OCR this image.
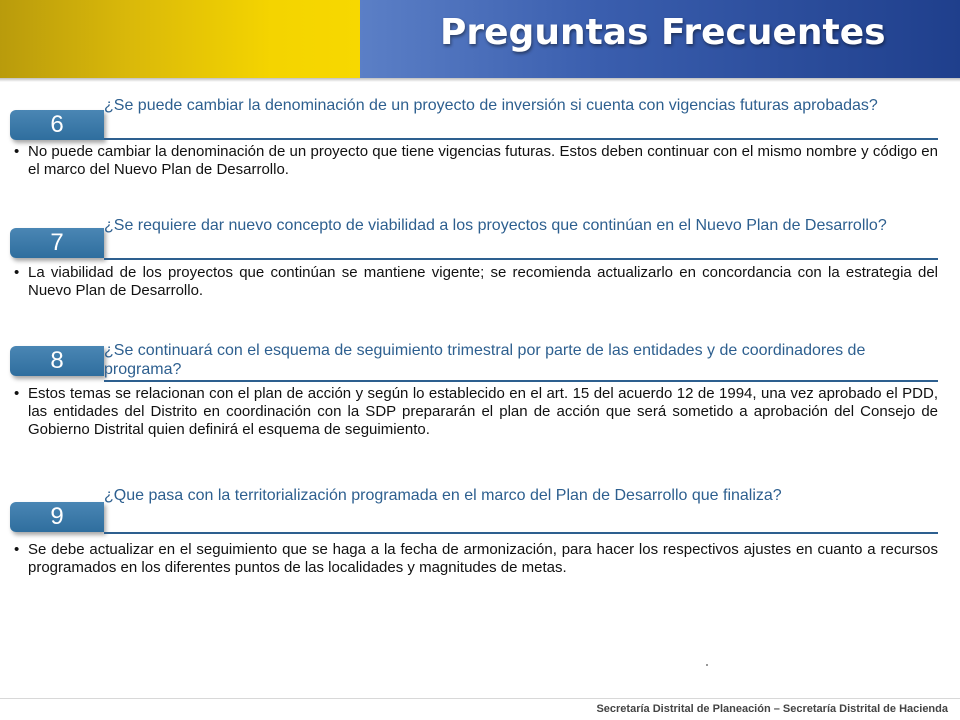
Preguntas Frecuentes
6
¿Se puede cambiar la denominación de un proyecto de inversión si cuenta con vigencias futuras aprobadas?
• No puede cambiar la denominación de un proyecto que tiene vigencias futuras. Estos deben continuar con el mismo nombre y código en el marco del Nuevo Plan de Desarrollo.
7
¿Se requiere dar nuevo concepto de viabilidad a los proyectos que continúan en el Nuevo Plan de Desarrollo?
• La viabilidad de los proyectos que continúan se mantiene vigente; se recomienda actualizarlo en concordancia con la estrategia del Nuevo Plan de Desarrollo.
8	¿Se continuará con el esquema de seguimiento trimestral por parte de las entidades y de coordinadores de programa?
• Estos temas se relacionan con el plan de acción y según lo establecido en el art. 15 del acuerdo 12 de 1994, una vez aprobado el PDD, las entidades del Distrito en coordinación con la SDP prepararán el plan de acción que será sometido a aprobación del Consejo de Gobierno Distrital quien definirá el esquema de seguimiento.
9
¿Que pasa con la territorialización programada en el marco del Plan de Desarrollo que finaliza?
• Se debe actualizar en el seguimiento que se haga a la fecha de armonización, para hacer los respectivos ajustes en cuanto a recursos programados en los diferentes puntos de las localidades y magnitudes de metas.
Secretaría Distrital de Planeación – Secretaría Distrital de Hacienda
